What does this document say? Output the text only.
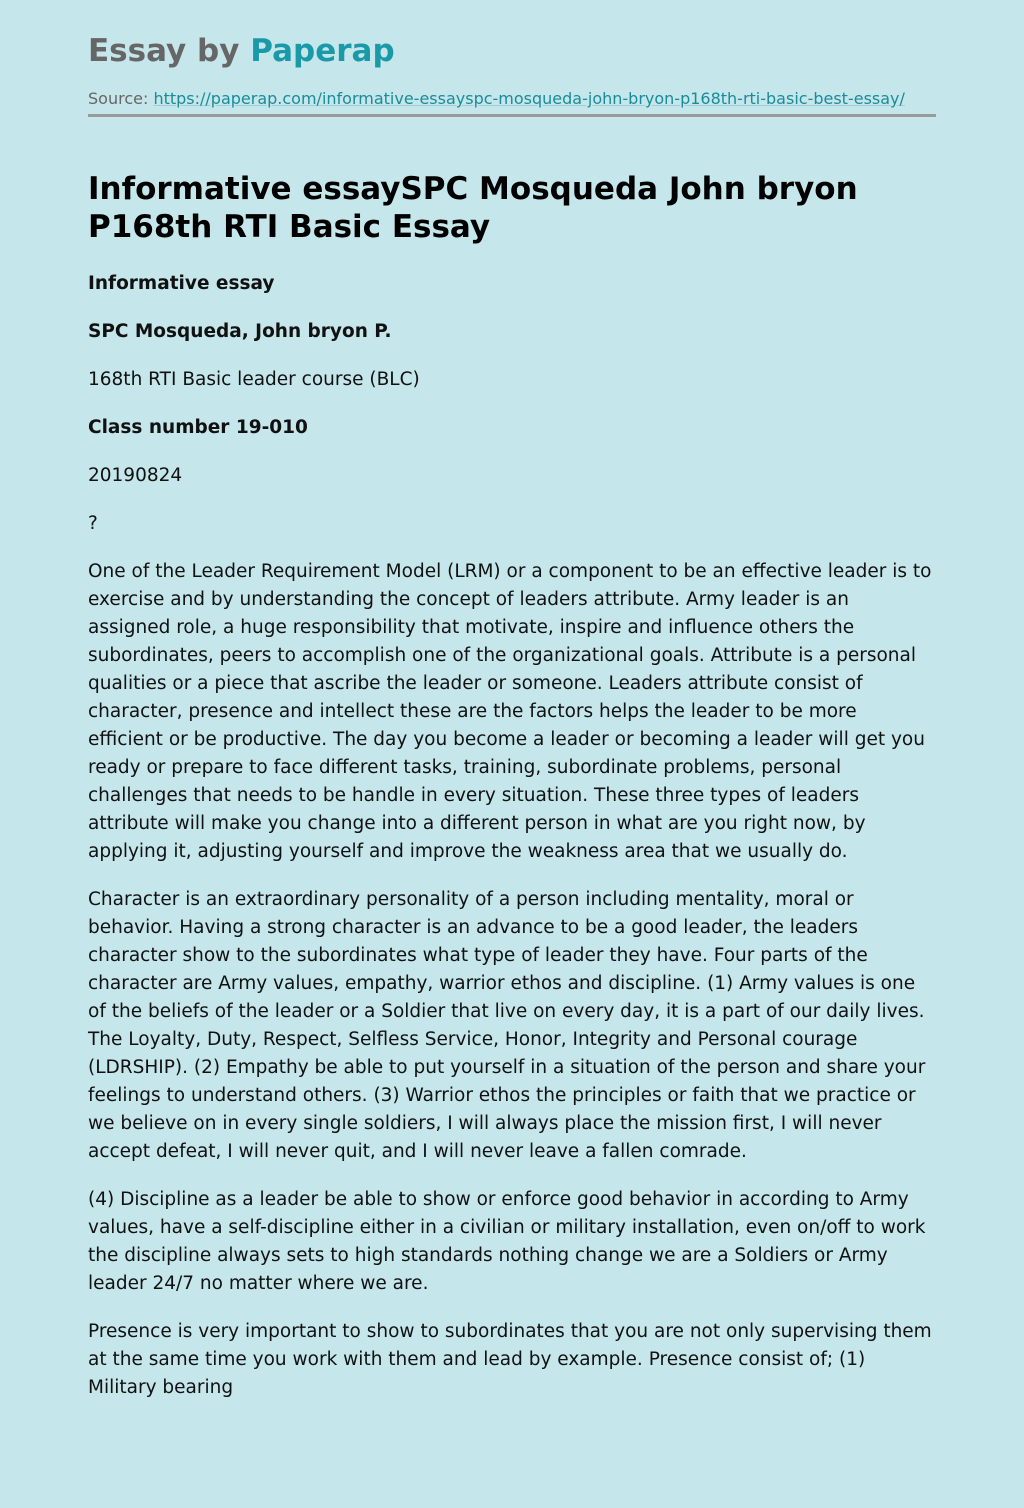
Essay by Paperap
Source: https://paperap.com/informative-essayspc-mosqueda-john-bryon-p168th-rti-basic-best-essay/
Informative essaySPC Mosqueda John bryon P168th RTI Basic Essay

Informative essay

SPC Mosqueda, John bryon P.

168th RTI Basic leader course (BLC)

Class number 19-010

20190824

?

One of the Leader Requirement Model (LRM) or a component to be an effective leader is to exercise and by understanding the concept of leaders attribute. Army leader is an assigned role, a huge responsibility that motivate, inspire and influence others the subordinates, peers to accomplish one of the organizational goals. Attribute is a personal qualities or a piece that ascribe the leader or someone. Leaders attribute consist of character, presence and intellect these are the factors helps the leader to be more efficient or be productive. The day you become a leader or becoming a leader will get you ready or prepare to face different tasks, training, subordinate problems, personal challenges that needs to be handle in every situation. These three types of leaders attribute will make you change into a different person in what are you right now, by applying it, adjusting yourself and improve the weakness area that we usually do.

Character is an extraordinary personality of a person including mentality, moral or behavior. Having a strong character is an advance to be a good leader, the leaders character show to the subordinates what type of leader they have. Four parts of the character are Army values, empathy, warrior ethos and discipline. (1) Army values is one of the beliefs of the leader or a Soldier that live on every day, it is a part of our daily lives. The Loyalty, Duty, Respect, Selfless Service, Honor, Integrity and Personal courage (LDRSHIP). (2) Empathy be able to put yourself in a situation of the person and share your feelings to understand others. (3) Warrior ethos the principles or faith that we practice or we believe on in every single soldiers, I will always place the mission first, I will never accept defeat, I will never quit, and I will never leave a fallen comrade.

(4) Discipline as a leader be able to show or enforce good behavior in according to Army values, have a self-discipline either in a civilian or military installation, even on/off to work the discipline always sets to high standards nothing change we are a Soldiers or Army leader 24/7 no matter where we are.

Presence is very important to show to subordinates that you are not only supervising them at the same time you work with them and lead by example. Presence consist of; (1) Military bearing
